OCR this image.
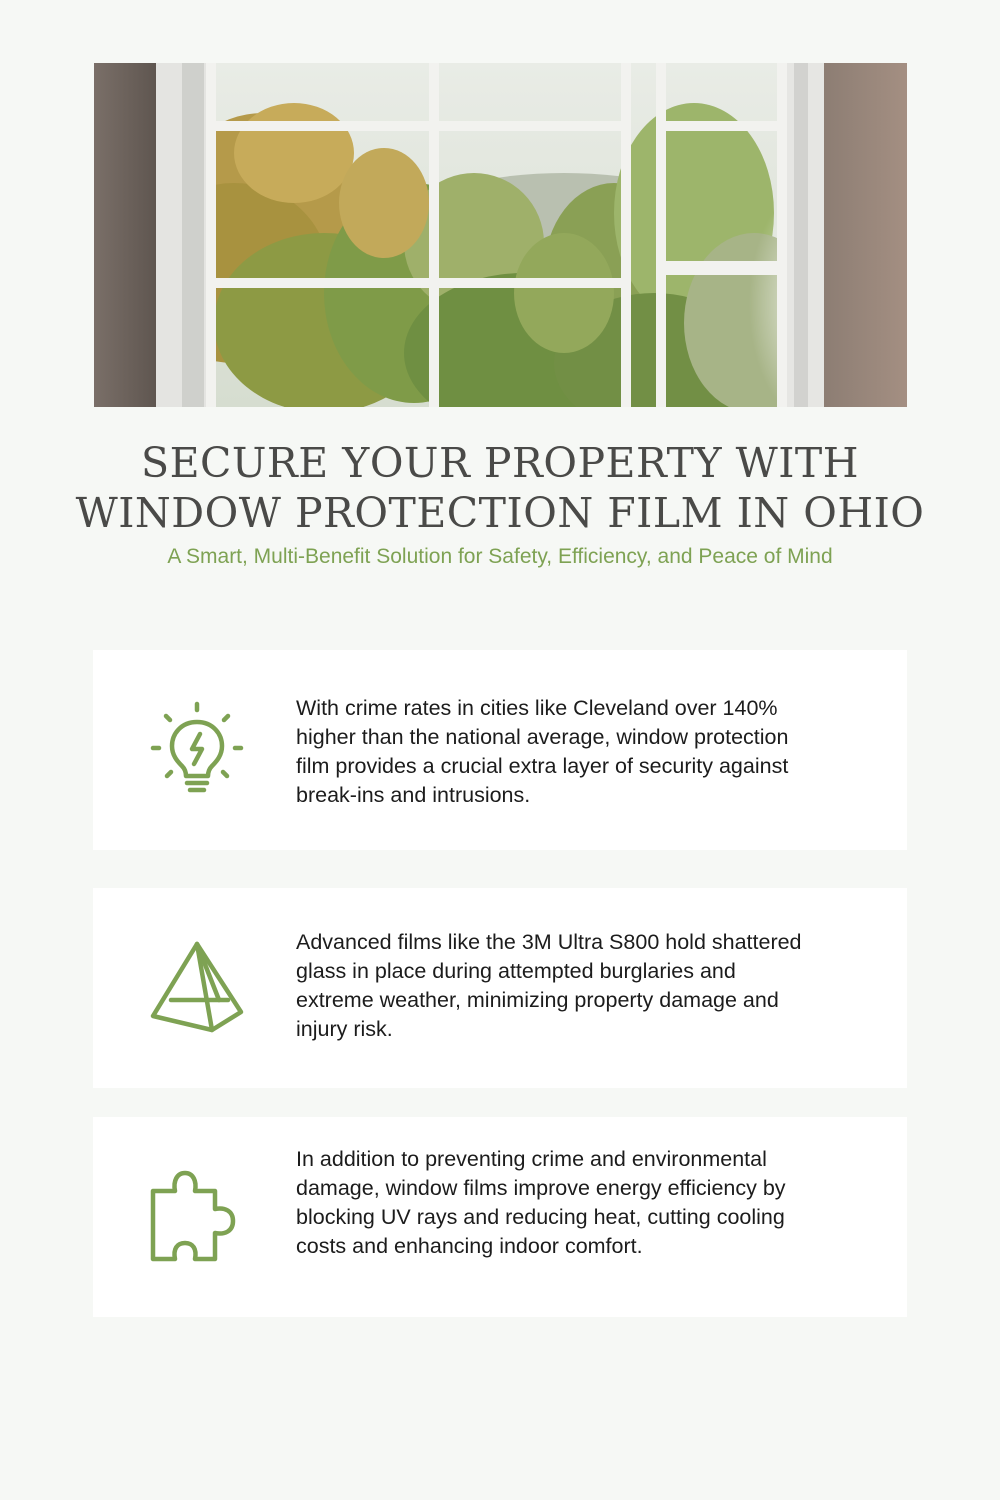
SECURE YOUR PROPERTY WITH WINDOW PROTECTION FILM IN OHIO

A Smart, Multi-Benefit Solution for Safety, Efficiency, and Peace of Mind

With crime rates in cities like Cleveland over 140% higher than the national average, window protection film provides a crucial extra layer of security against break-ins and intrusions.

Advanced films like the 3M Ultra S800 hold shattered glass in place during attempted burglaries and extreme weather, minimizing property damage and injury risk.

In addition to preventing crime and environmental damage, window films improve energy efficiency by blocking UV rays and reducing heat, cutting cooling costs and enhancing indoor comfort.
